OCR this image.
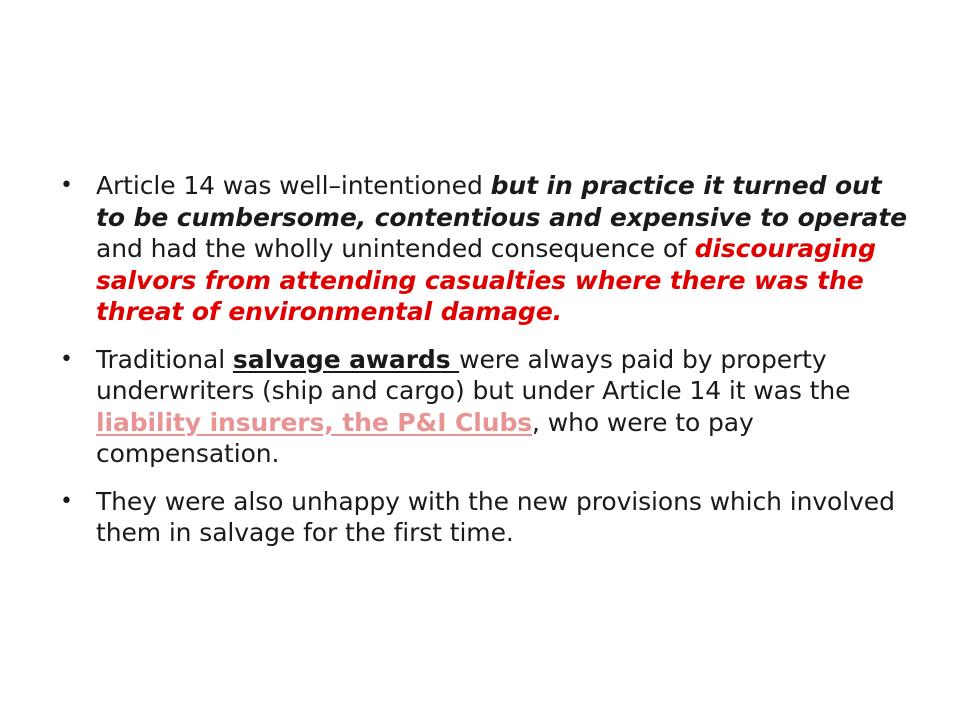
• Article 14 was well–intentioned but in practice it turned out to be cumbersome, contentious and expensive to operate and had the wholly unintended consequence of discouraging salvors from attending casualties where there was the threat of environmental damage.
• Traditional salvage awards were always paid by property underwriters (ship and cargo) but under Article 14 it was the liability insurers, the P&I Clubs, who were to pay compensation.
• They were also unhappy with the new provisions which involved them in salvage for the first time.
